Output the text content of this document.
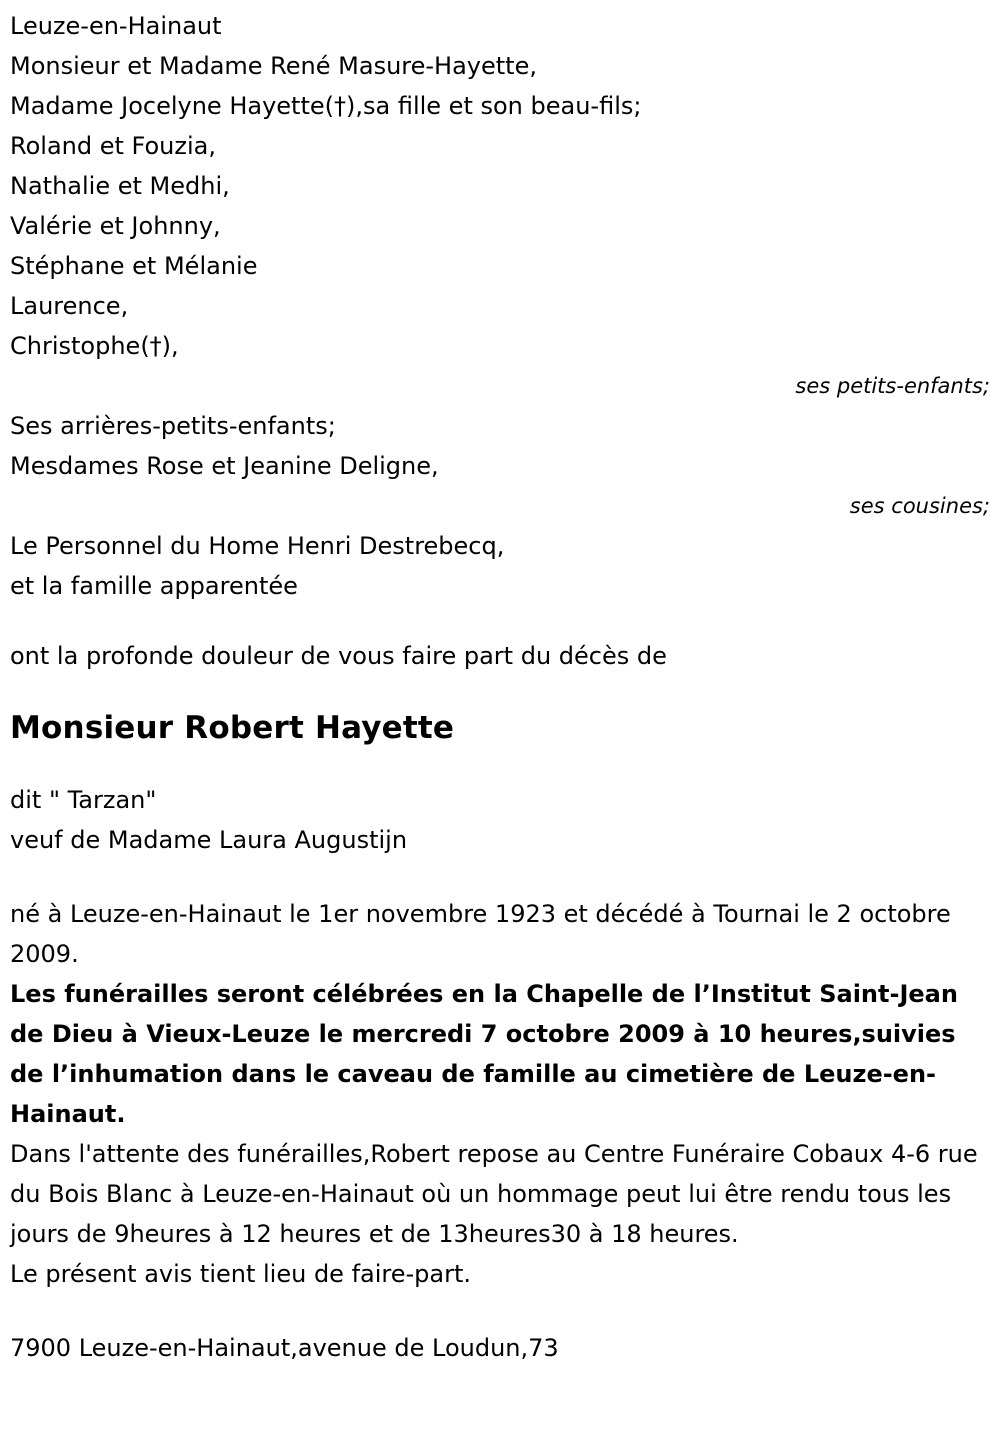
Leuze-en-Hainaut
Monsieur et Madame René Masure-Hayette,
Madame Jocelyne Hayette(†),sa fille et son beau-fils;
Roland et Fouzia,
Nathalie et Medhi,
Valérie et Johnny,
Stéphane et Mélanie
Laurence,
Christophe(†),
ses petits-enfants;
Ses arrières-petits-enfants;
Mesdames Rose et Jeanine Deligne,
ses cousines;
Le Personnel du Home Henri Destrebecq,
et la famille apparentée
ont la profonde douleur de vous faire part du décès de
Monsieur Robert Hayette
dit " Tarzan"
veuf de Madame Laura Augustijn
né à Leuze-en-Hainaut le 1er novembre 1923 et décédé à Tournai le 2 octobre 2009.
Les funérailles seront célébrées en la Chapelle de l’Institut Saint-Jean de Dieu à Vieux-Leuze le mercredi 7 octobre 2009 à 10 heures,suivies de l’inhumation dans le caveau de famille au cimetière de Leuze-en-Hainaut.
Dans l'attente des funérailles,Robert repose au Centre Funéraire Cobaux 4-6 rue du Bois Blanc à Leuze-en-Hainaut où un hommage peut lui être rendu tous les jours de 9heures à 12 heures et de 13heures30 à 18 heures.
Le présent avis tient lieu de faire-part.
7900 Leuze-en-Hainaut,avenue de Loudun,73
